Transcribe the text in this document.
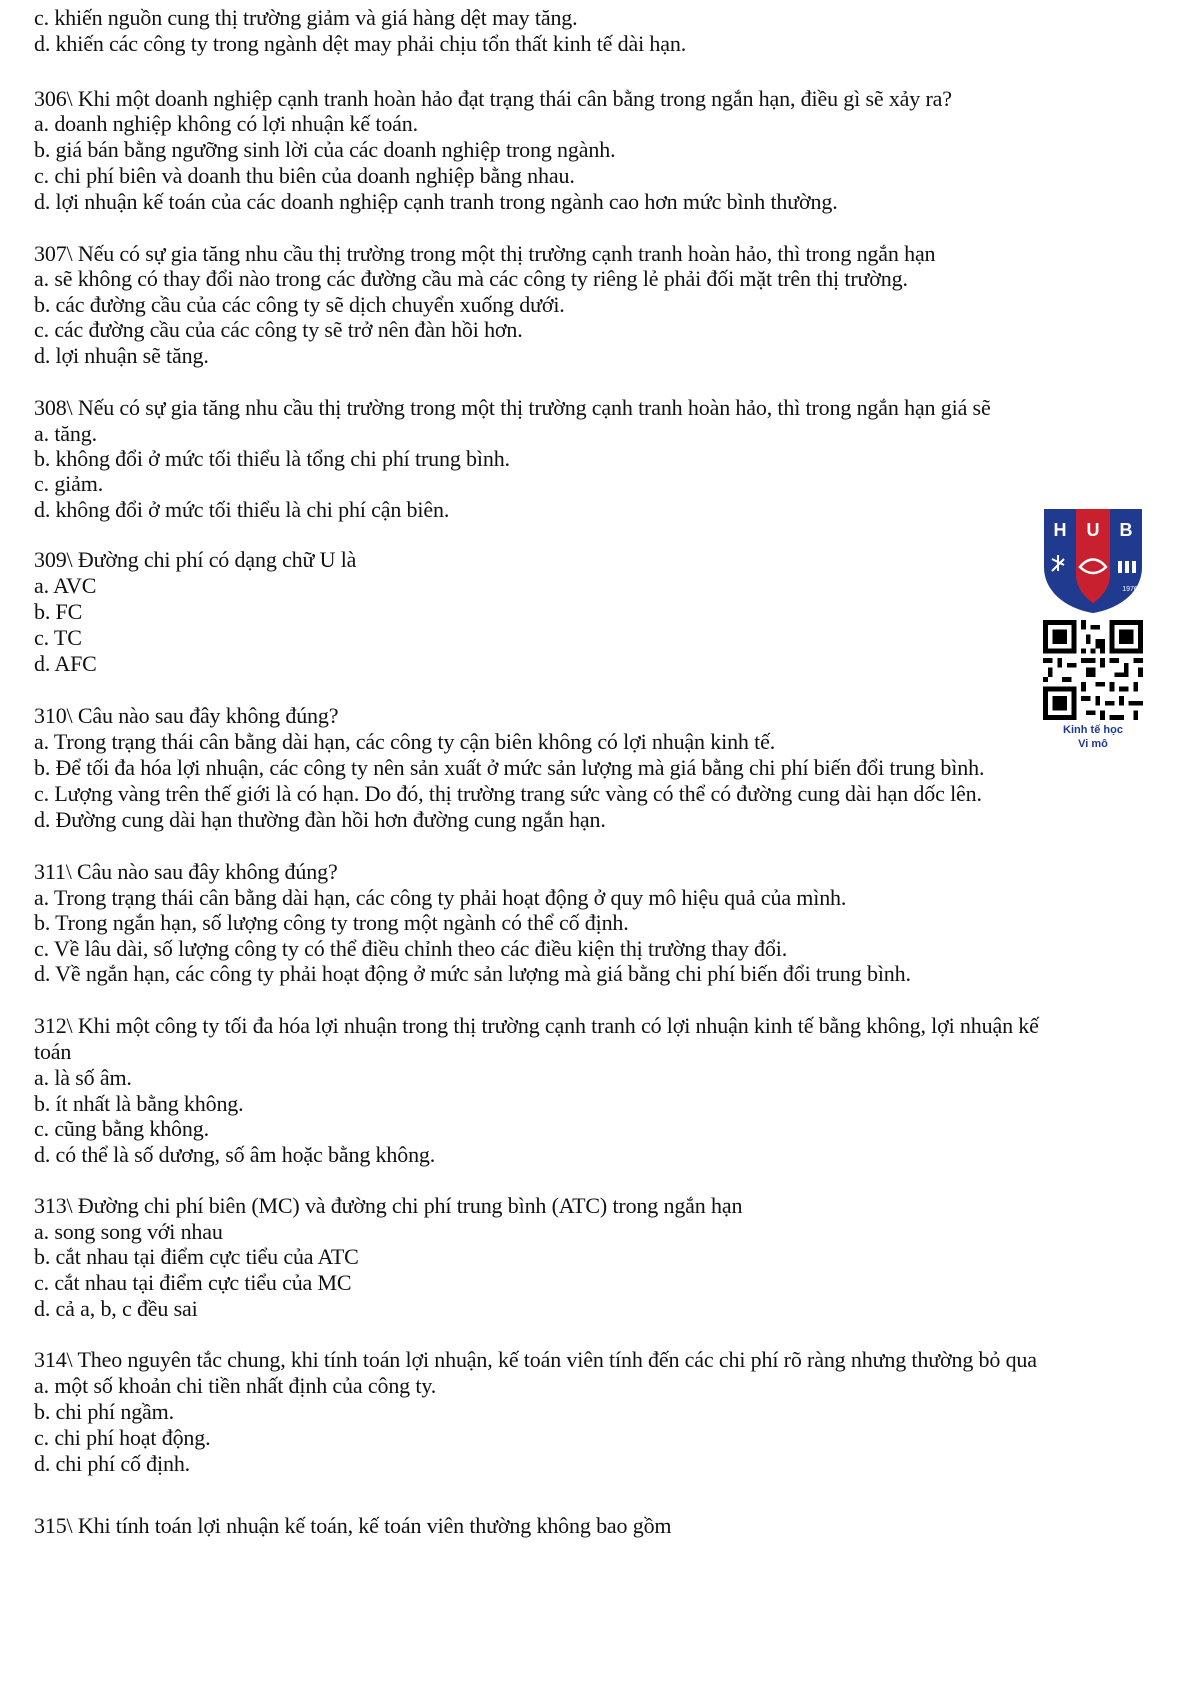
c. khiến nguồn cung thị trường giảm và giá hàng dệt may tăng.
d. khiến các công ty trong ngành dệt may phải chịu tổn thất kinh tế dài hạn.
306\ Khi một doanh nghiệp cạnh tranh hoàn hảo đạt trạng thái cân bằng trong ngắn hạn, điều gì sẽ xảy ra?
a. doanh nghiệp không có lợi nhuận kế toán.
b. giá bán bằng ngưỡng sinh lời của các doanh nghiệp trong ngành.
c. chi phí biên và doanh thu biên của doanh nghiệp bằng nhau.
d. lợi nhuận kế toán của các doanh nghiệp cạnh tranh trong ngành cao hơn mức bình thường.
307\ Nếu có sự gia tăng nhu cầu thị trường trong một thị trường cạnh tranh hoàn hảo, thì trong ngắn hạn
a. sẽ không có thay đổi nào trong các đường cầu mà các công ty riêng lẻ phải đối mặt trên thị trường.
b. các đường cầu của các công ty sẽ dịch chuyển xuống dưới.
c. các đường cầu của các công ty sẽ trở nên đàn hồi hơn.
d. lợi nhuận sẽ tăng.
308\ Nếu có sự gia tăng nhu cầu thị trường trong một thị trường cạnh tranh hoàn hảo, thì trong ngắn hạn giá sẽ
a. tăng.
b. không đổi ở mức tối thiểu là tổng chi phí trung bình.
c. giảm.
d. không đổi ở mức tối thiểu là chi phí cận biên.
309\ Đường chi phí có dạng chữ U là
a. AVC
b. FC
c. TC
d. AFC
310\ Câu nào sau đây không đúng?
a. Trong trạng thái cân bằng dài hạn, các công ty cận biên không có lợi nhuận kinh tế.
b. Để tối đa hóa lợi nhuận, các công ty nên sản xuất ở mức sản lượng mà giá bằng chi phí biến đổi trung bình.
c. Lượng vàng trên thế giới là có hạn. Do đó, thị trường trang sức vàng có thể có đường cung dài hạn dốc lên.
d. Đường cung dài hạn thường đàn hồi hơn đường cung ngắn hạn.
311\ Câu nào sau đây không đúng?
a. Trong trạng thái cân bằng dài hạn, các công ty phải hoạt động ở quy mô hiệu quả của mình.
b. Trong ngắn hạn, số lượng công ty trong một ngành có thể cố định.
c. Về lâu dài, số lượng công ty có thể điều chỉnh theo các điều kiện thị trường thay đổi.
d. Về ngắn hạn, các công ty phải hoạt động ở mức sản lượng mà giá bằng chi phí biến đổi trung bình.
312\ Khi một công ty tối đa hóa lợi nhuận trong thị trường cạnh tranh có lợi nhuận kinh tế bằng không, lợi nhuận kế
toán
a. là số âm.
b. ít nhất là bằng không.
c. cũng bằng không.
d. có thể là số dương, số âm hoặc bằng không.
313\ Đường chi phí biên (MC) và đường chi phí trung bình (ATC) trong ngắn hạn
a. song song với nhau
b. cắt nhau tại điểm cực tiểu của ATC
c. cắt nhau tại điểm cực tiểu của MC
d. cả a, b, c đều sai
314\ Theo nguyên tắc chung, khi tính toán lợi nhuận, kế toán viên tính đến các chi phí rõ ràng nhưng thường bỏ qua
a. một số khoản chi tiền nhất định của công ty.
b. chi phí ngầm.
c. chi phí hoạt động.
d. chi phí cố định.
315\ Khi tính toán lợi nhuận kế toán, kế toán viên thường không bao gồm
H U B
1976
Kinh tế học
Vi mô
